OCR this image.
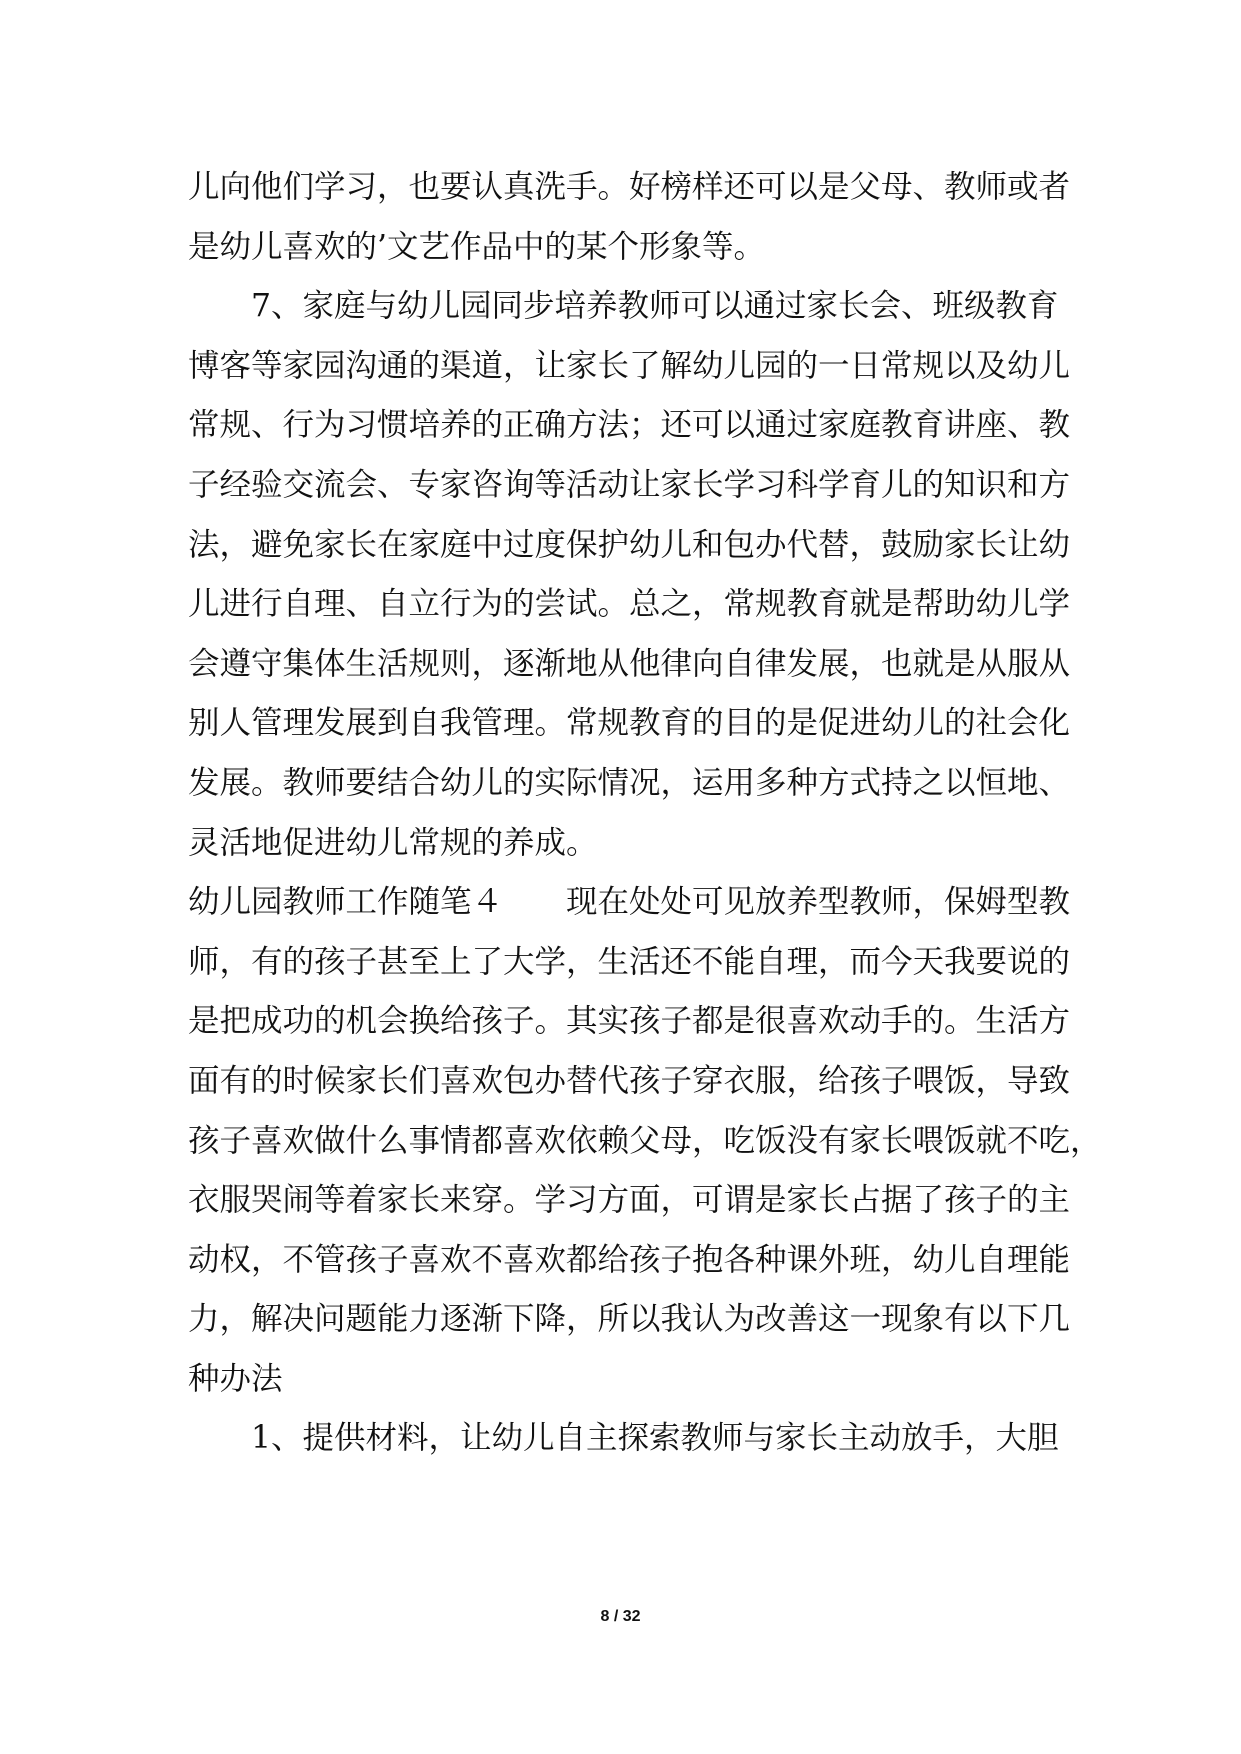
儿向他们学习，也要认真洗手。好榜样还可以是父母、教师或者
是幼儿喜欢的’文艺作品中的某个形象等。
　　7、家庭与幼儿园同步培养教师可以通过家长会、班级教育
博客等家园沟通的渠道，让家长了解幼儿园的一日常规以及幼儿
常规、行为习惯培养的正确方法；还可以通过家庭教育讲座、教
子经验交流会、专家咨询等活动让家长学习科学育儿的知识和方
法，避免家长在家庭中过度保护幼儿和包办代替，鼓励家长让幼
儿进行自理、自立行为的尝试。总之，常规教育就是帮助幼儿学
会遵守集体生活规则，逐渐地从他律向自律发展，也就是从服从
别人管理发展到自我管理。常规教育的目的是促进幼儿的社会化
发展。教师要结合幼儿的实际情况，运用多种方式持之以恒地、
灵活地促进幼儿常规的养成。
幼儿园教师工作随笔４　　现在处处可见放养型教师，保姆型教
师，有的孩子甚至上了大学，生活还不能自理，而今天我要说的
是把成功的机会换给孩子。其实孩子都是很喜欢动手的。生活方
面有的时候家长们喜欢包办替代孩子穿衣服，给孩子喂饭，导致
孩子喜欢做什么事情都喜欢依赖父母，吃饭没有家长喂饭就不吃，
衣服哭闹等着家长来穿。学习方面，可谓是家长占据了孩子的主
动权，不管孩子喜欢不喜欢都给孩子抱各种课外班，幼儿自理能
力，解决问题能力逐渐下降，所以我认为改善这一现象有以下几
种办法
　　1、提供材料，让幼儿自主探索教师与家长主动放手，大胆
8 / 32
